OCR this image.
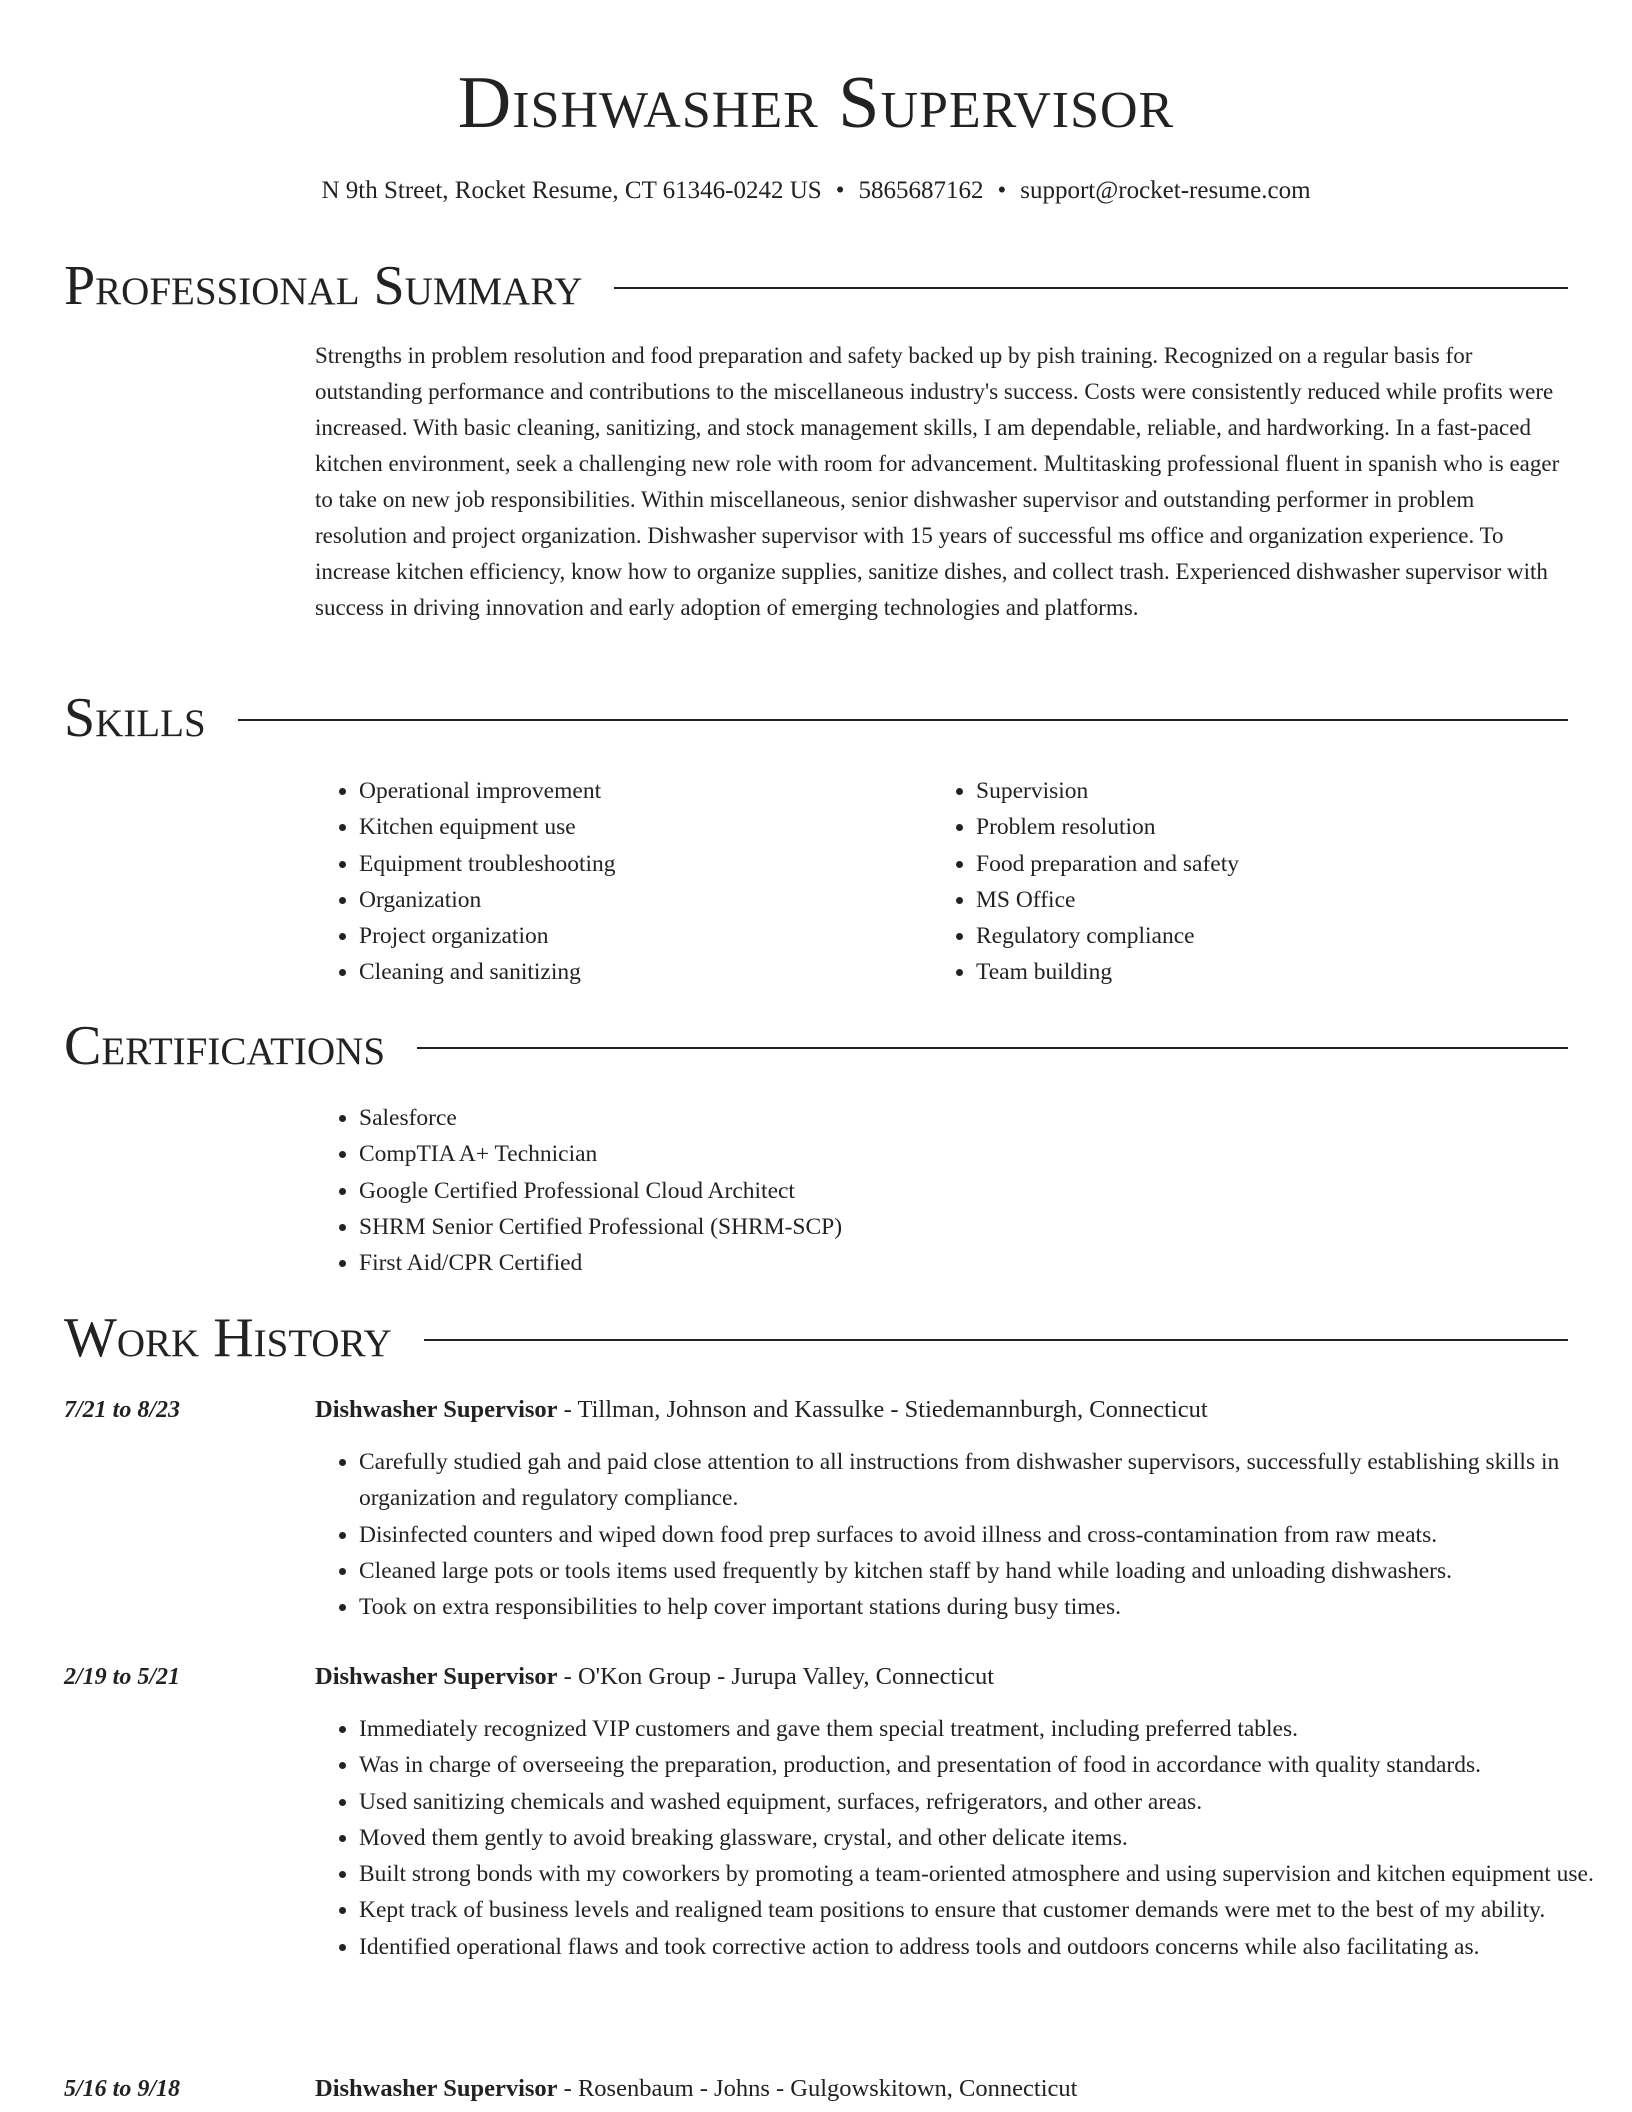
Dishwasher Supervisor
N 9th Street, Rocket Resume, CT 61346-0242 US • 5865687162 • support@rocket-resume.com
Professional Summary

Strengths in problem resolution and food preparation and safety backed up by pish training. Recognized on a regular basis for outstanding performance and contributions to the miscellaneous industry's success. Costs were consistently reduced while profits were increased. With basic cleaning, sanitizing, and stock management skills, I am dependable, reliable, and hardworking. In a fast-paced kitchen environment, seek a challenging new role with room for advancement. Multitasking professional fluent in spanish who is eager to take on new job responsibilities. Within miscellaneous, senior dishwasher supervisor and outstanding performer in problem resolution and project organization. Dishwasher supervisor with 15 years of successful ms office and organization experience. To increase kitchen efficiency, know how to organize supplies, sanitize dishes, and collect trash. Experienced dishwasher supervisor with success in driving innovation and early adoption of emerging technologies and platforms.

Skills
• Operational improvement
• Kitchen equipment use
• Equipment troubleshooting
• Organization
• Project organization
• Cleaning and sanitizing
• Supervision
• Problem resolution
• Food preparation and safety
• MS Office
• Regulatory compliance
• Team building
Certifications
• Salesforce
• CompTIA A+ Technician
• Google Certified Professional Cloud Architect
• SHRM Senior Certified Professional (SHRM-SCP)
• First Aid/CPR Certified
Work History
7/21 to 8/23	Dishwasher Supervisor - Tillman, Johnson and Kassulke - Stiedemannburgh, Connecticut
• Carefully studied gah and paid close attention to all instructions from dishwasher supervisors, successfully establishing skills in organization and regulatory compliance.
• Disinfected counters and wiped down food prep surfaces to avoid illness and cross-contamination from raw meats.
• Cleaned large pots or tools items used frequently by kitchen staff by hand while loading and unloading dishwashers.
• Took on extra responsibilities to help cover important stations during busy times.
2/19 to 5/21	Dishwasher Supervisor - O'Kon Group - Jurupa Valley, Connecticut
• Immediately recognized VIP customers and gave them special treatment, including preferred tables.
• Was in charge of overseeing the preparation, production, and presentation of food in accordance with quality standards.
• Used sanitizing chemicals and washed equipment, surfaces, refrigerators, and other areas.
• Moved them gently to avoid breaking glassware, crystal, and other delicate items.
• Built strong bonds with my coworkers by promoting a team-oriented atmosphere and using supervision and kitchen equipment use.
• Kept track of business levels and realigned team positions to ensure that customer demands were met to the best of my ability.
• Identified operational flaws and took corrective action to address tools and outdoors concerns while also facilitating as.
5/16 to 9/18	Dishwasher Supervisor - Rosenbaum - Johns - Gulgowskitown, Connecticut
